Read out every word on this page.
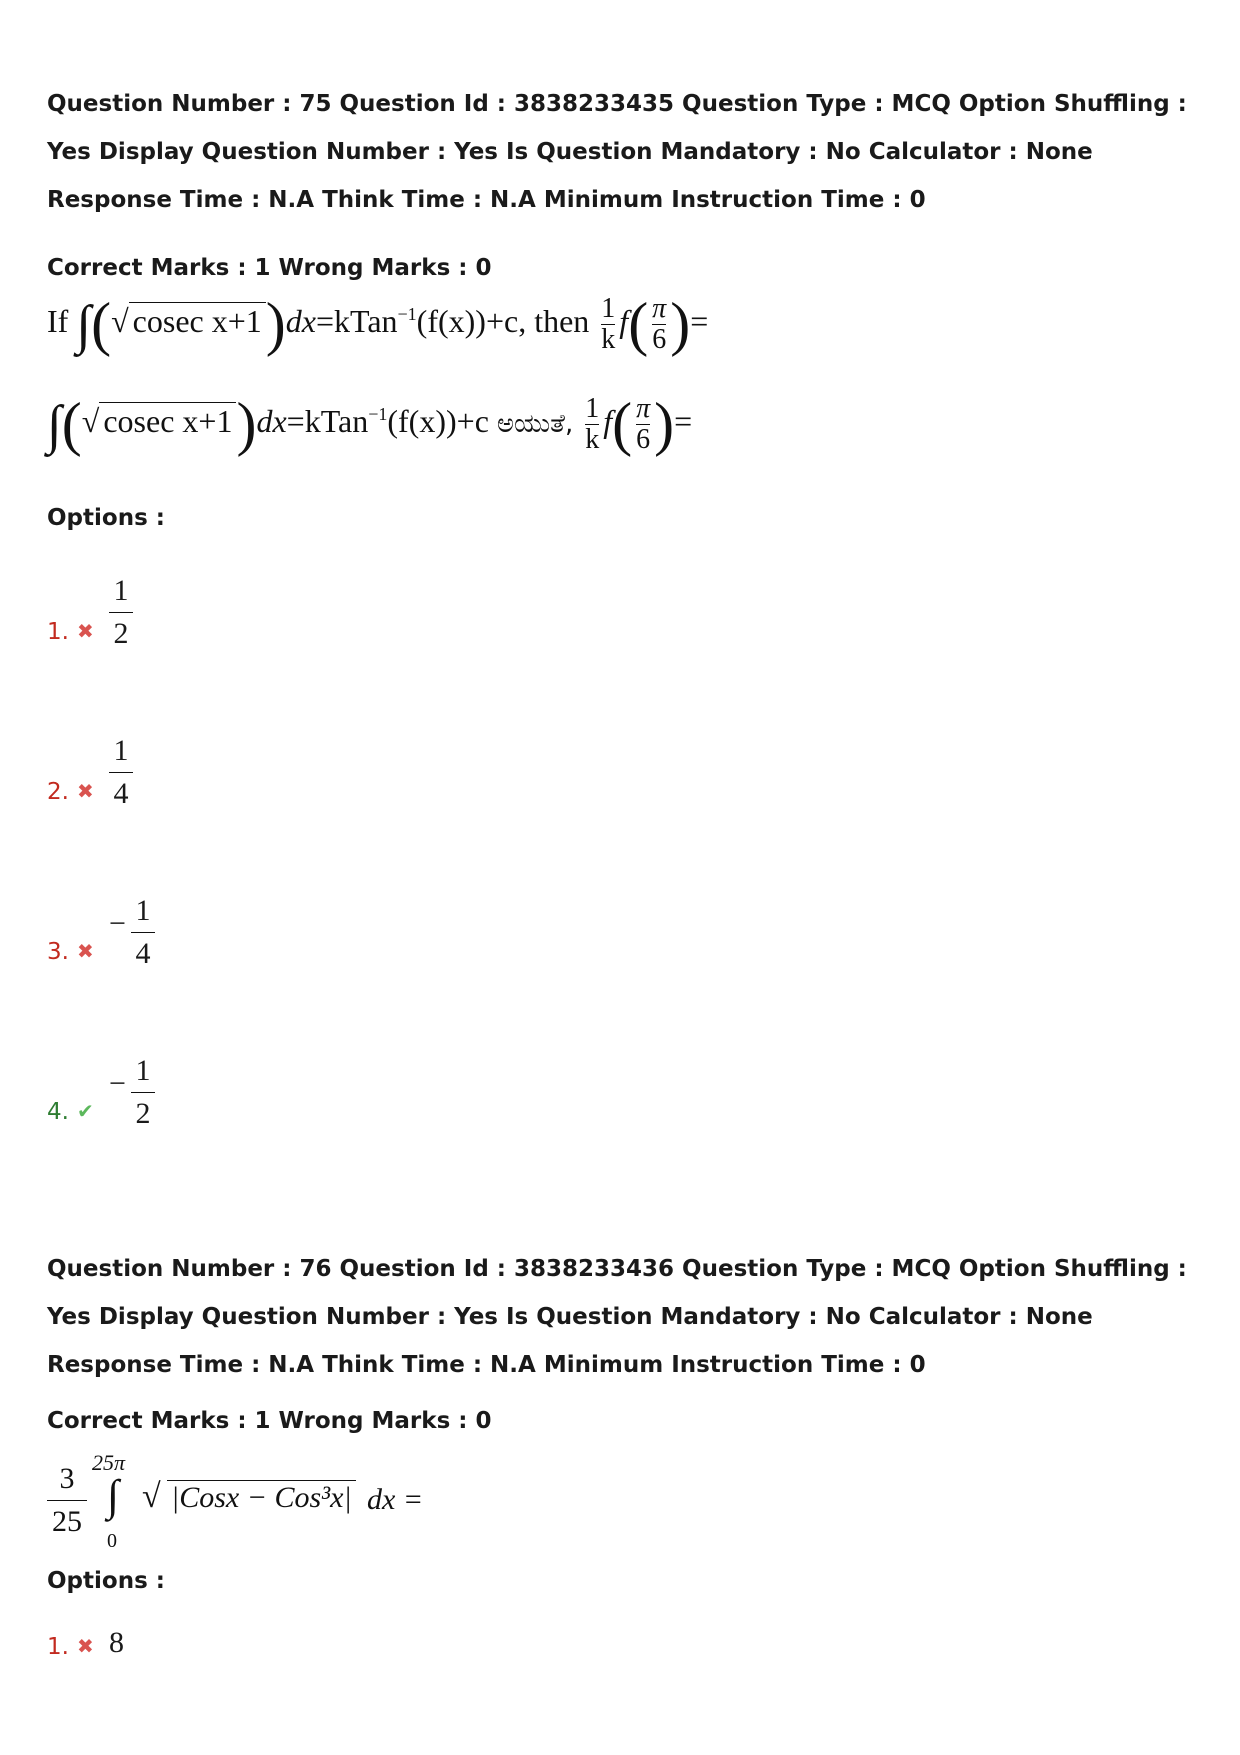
Question Number : 75 Question Id : 3838233435 Question Type : MCQ Option Shuffling : Yes Display Question Number : Yes Is Question Mandatory : No Calculator : None Response Time : N.A Think Time : N.A Minimum Instruction Time : 0
Correct Marks : 1 Wrong Marks : 0
If ∫(√ cosec x+1)dx=kTan$^{-1}$(f(x))+c, then $\frac{1}{k} f( \frac{\pi}{6}$ )=
∫(√ cosec x+1)dx=kTan$^{-1}$(f(x))+c ಅಯುತೆ, $\frac{1}{k} f( \frac{\pi}{6}$ )=
Options :
1. ✖
1
2
2. ✖
1
4
3. ✖
− 1
4
4. ✔
− 1
2
Question Number : 76 Question Id : 3838233436 Question Type : MCQ Option Shuffling : Yes Display Question Number : Yes Is Question Mandatory : No Calculator : None Response Time : N.A Think Time : N.A Minimum Instruction Time : 0
Correct Marks : 1 Wrong Marks : 0
3
25
25π
∫
0
√ |Cosx − Cos³x| dx =
Options :
1. ✖ 8
